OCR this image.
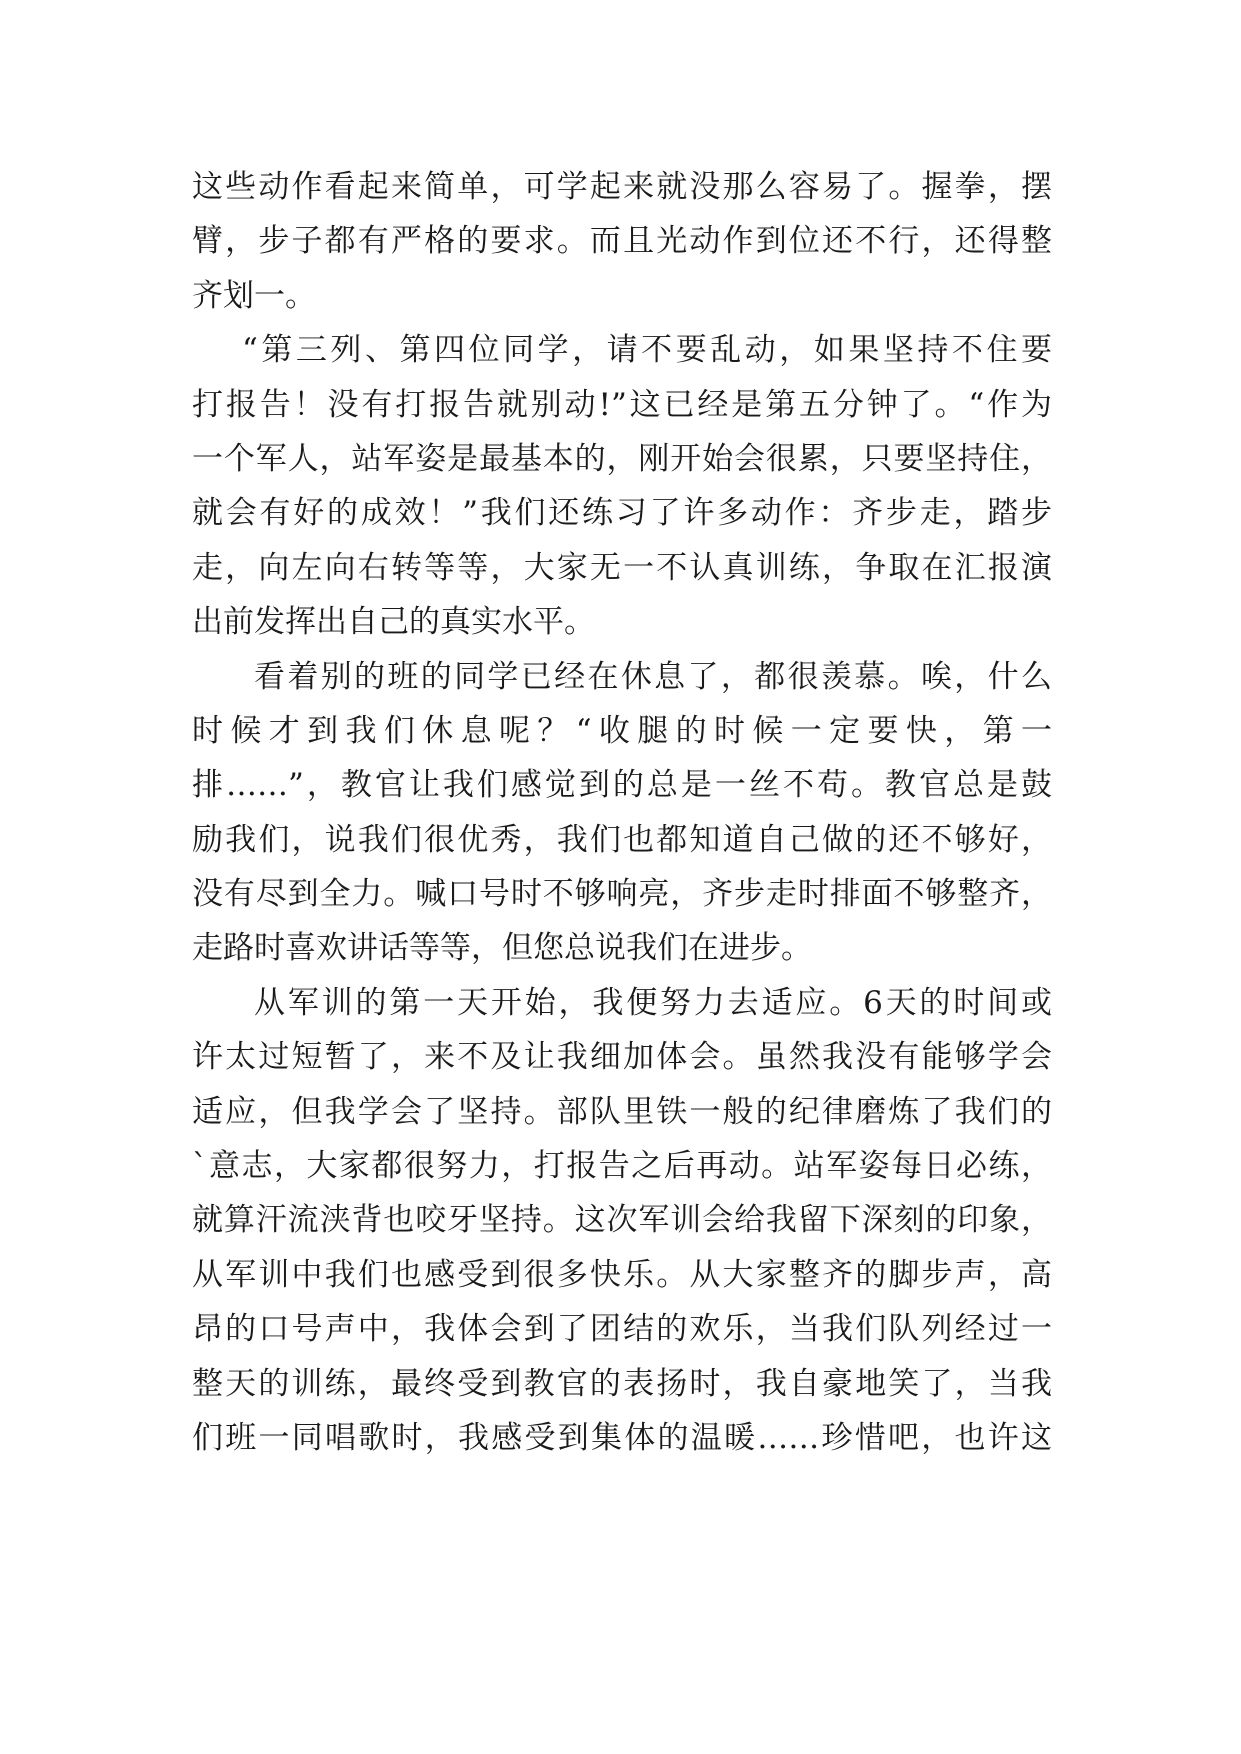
这些动作看起来简单，可学起来就没那么容易了。握拳，摆
臂，步子都有严格的要求。而且光动作到位还不行，还得整
齐划一。
“第三列、第四位同学，请不要乱动，如果坚持不住要
打报告！没有打报告就别动!”这已经是第五分钟了。“作为
一个军人，站军姿是最基本的，刚开始会很累，只要坚持住，
就会有好的成效！”我们还练习了许多动作：齐步走，踏步
走，向左向右转等等，大家无一不认真训练，争取在汇报演
出前发挥出自己的真实水平。
看着别的班的同学已经在休息了，都很羡慕。唉，什么
时候才到我们休息呢？“收腿的时候一定要快，第一
排……”，教官让我们感觉到的总是一丝不苟。教官总是鼓
励我们，说我们很优秀，我们也都知道自己做的还不够好，
没有尽到全力。喊口号时不够响亮，齐步走时排面不够整齐，
走路时喜欢讲话等等，但您总说我们在进步。
从军训的第一天开始，我便努力去适应。6天的时间或
许太过短暂了，来不及让我细加体会。虽然我没有能够学会
适应，但我学会了坚持。部队里铁一般的纪律磨炼了我们的
`意志，大家都很努力，打报告之后再动。站军姿每日必练，
就算汗流浃背也咬牙坚持。这次军训会给我留下深刻的印象，
从军训中我们也感受到很多快乐。从大家整齐的脚步声，高
昂的口号声中，我体会到了团结的欢乐，当我们队列经过一
整天的训练，最终受到教官的表扬时，我自豪地笑了，当我
们班一同唱歌时，我感受到集体的温暖……珍惜吧，也许这
